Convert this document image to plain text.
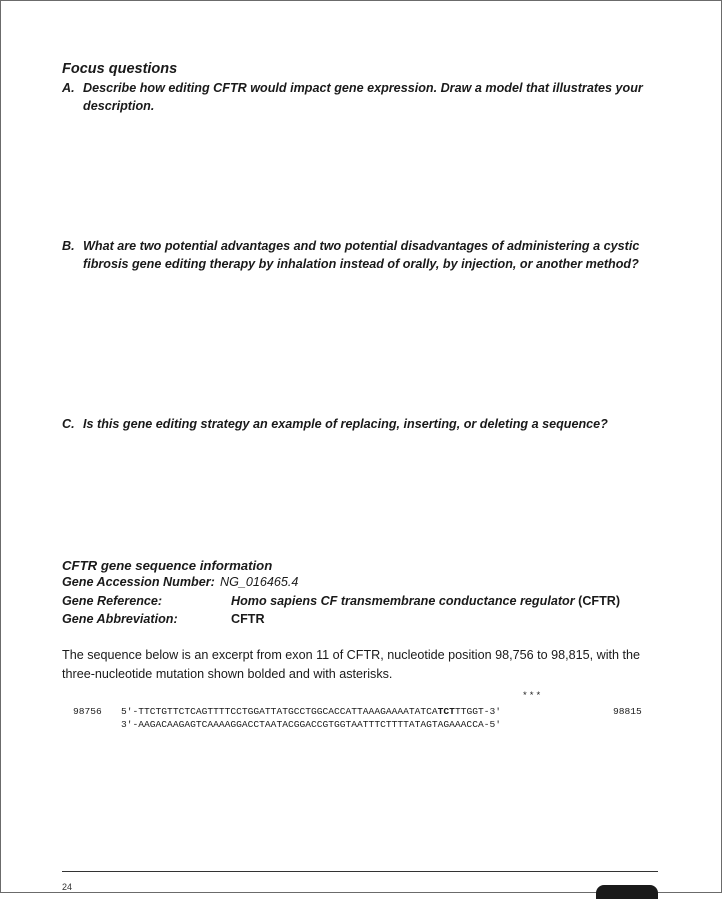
Focus questions
A. Describe how editing CFTR would impact gene expression. Draw a model that illustrates your description.
B. What are two potential advantages and two potential disadvantages of administering a cystic fibrosis gene editing therapy by inhalation instead of orally, by injection, or another method?
C. Is this gene editing strategy an example of replacing, inserting, or deleting a sequence?
CFTR gene sequence information
Gene Accession Number: NG_016465.4
Gene Reference:	Homo sapiens CF transmembrane conductance regulator (CFTR)
Gene Abbreviation:	CFTR

The sequence below is an excerpt from exon 11 of CFTR, nucleotide position 98,756 to 98,815, with the three-nucleotide mutation shown bolded and with asterisks.

***
98756 5'-TTCTGTTCTCAGTTTTCCTGGATTATGCCTGGCACCATTAAAGAAAATATCATCTTTGGT-3'	98815
3'-AAGACAAGAGTCAAAAGGACCTAATACGGACCGTGGTAATTTCTTTTATAGTAGAAACCA-5'
24
